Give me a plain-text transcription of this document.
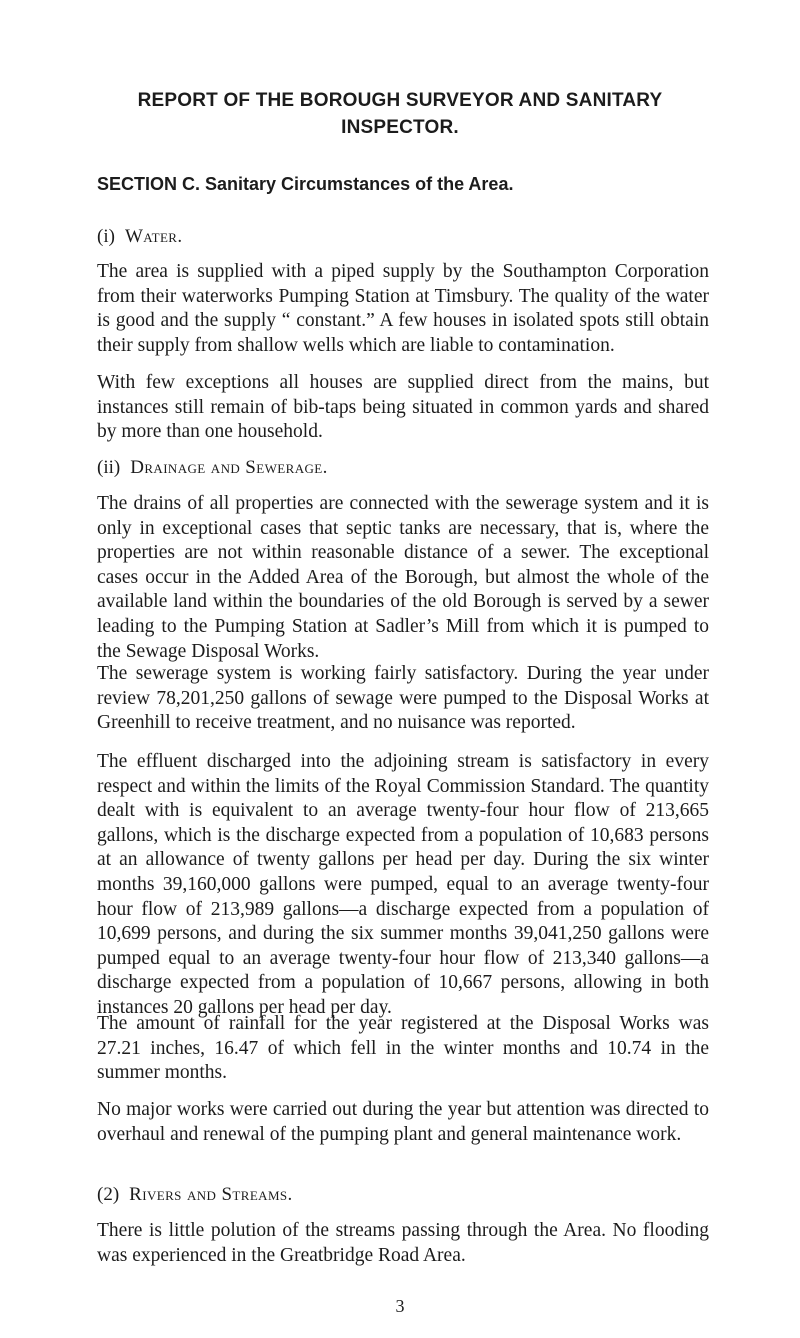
REPORT OF THE BOROUGH SURVEYOR AND SANITARY
INSPECTOR.
SECTION C. Sanitary Circumstances of the Area.
(i) Water.

The area is supplied with a piped supply by the Southampton Corporation from their waterworks Pumping Station at Timsbury. The quality of the water is good and the supply “ constant.” A few houses in isolated spots still obtain their supply from shallow wells which are liable to contamination.

With few exceptions all houses are supplied direct from the mains, but instances still remain of bib-taps being situated in common yards and shared by more than one household.

(ii) Drainage and Sewerage.

The drains of all properties are connected with the sewerage system and it is only in exceptional cases that septic tanks are necessary, that is, where the properties are not within reasonable distance of a sewer. The exceptional cases occur in the Added Area of the Borough, but almost the whole of the available land within the boundaries of the old Borough is served by a sewer leading to the Pumping Station at Sadler’s Mill from which it is pumped to the Sewage Disposal Works.

The sewerage system is working fairly satisfactory. During the year under review 78,201,250 gallons of sewage were pumped to the Disposal Works at Greenhill to receive treatment, and no nuisance was reported.

The effluent discharged into the adjoining stream is satisfactory in every respect and within the limits of the Royal Commission Standard. The quantity dealt with is equivalent to an average twenty-four hour flow of 213,665 gallons, which is the discharge expected from a population of 10,683 persons at an allowance of twenty gallons per head per day. During the six winter months 39,160,000 gallons were pumped, equal to an average twenty-four hour flow of 213,989 gallons—a discharge expected from a population of 10,699 persons, and during the six summer months 39,041,250 gallons were pumped equal to an average twenty-four hour flow of 213,340 gallons—a discharge expected from a population of 10,667 persons, allowing in both instances 20 gallons per head per day.

The amount of rainfall for the year registered at the Disposal Works was 27.21 inches, 16.47 of which fell in the winter months and 10.74 in the summer months.

No major works were carried out during the year but attention was directed to overhaul and renewal of the pumping plant and general maintenance work.

(2) Rivers and Streams.

There is little polution of the streams passing through the Area. No flooding was experienced in the Greatbridge Road Area.

3
